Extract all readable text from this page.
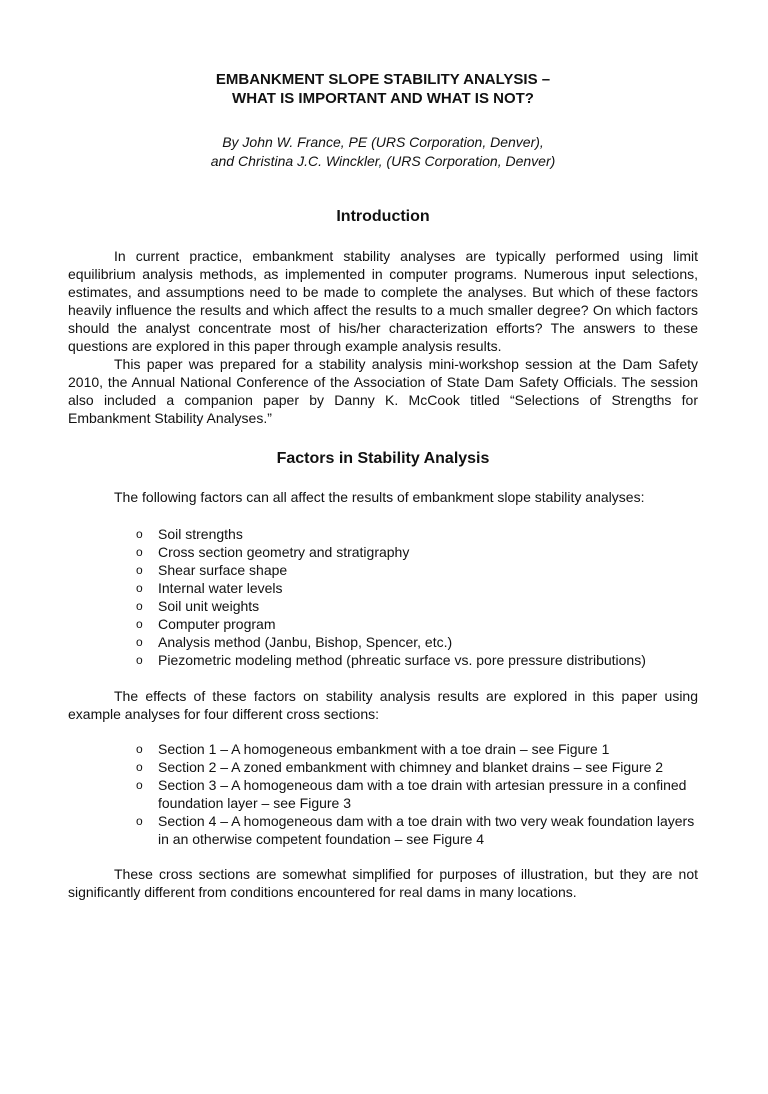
EMBANKMENT SLOPE STABILITY ANALYSIS –
WHAT IS IMPORTANT AND WHAT IS NOT?
By John W. France, PE (URS Corporation, Denver),
and Christina J.C. Winckler, (URS Corporation, Denver)
Introduction

In current practice, embankment stability analyses are typically performed using limit equilibrium analysis methods, as implemented in computer programs. Numerous input selections, estimates, and assumptions need to be made to complete the analyses. But which of these factors heavily influence the results and which affect the results to a much smaller degree? On which factors should the analyst concentrate most of his/her characterization efforts? The answers to these questions are explored in this paper through example analysis results.

This paper was prepared for a stability analysis mini-workshop session at the Dam Safety 2010, the Annual National Conference of the Association of State Dam Safety Officials. The session also included a companion paper by Danny K. McCook titled “Selections of Strengths for Embankment Stability Analyses.”

Factors in Stability Analysis

The following factors can all affect the results of embankment slope stability analyses:

o Soil strengths
o Cross section geometry and stratigraphy
o Shear surface shape
o Internal water levels
o Soil unit weights
o Computer program
o Analysis method (Janbu, Bishop, Spencer, etc.)
o Piezometric modeling method (phreatic surface vs. pore pressure distributions)

The effects of these factors on stability analysis results are explored in this paper using example analyses for four different cross sections:

o Section 1 – A homogeneous embankment with a toe drain – see Figure 1
o Section 2 – A zoned embankment with chimney and blanket drains – see Figure 2
o Section 3 – A homogeneous dam with a toe drain with artesian pressure in a confined foundation layer – see Figure 3
o Section 4 – A homogeneous dam with a toe drain with two very weak foundation layers in an otherwise competent foundation – see Figure 4

These cross sections are somewhat simplified for purposes of illustration, but they are not significantly different from conditions encountered for real dams in many locations.
